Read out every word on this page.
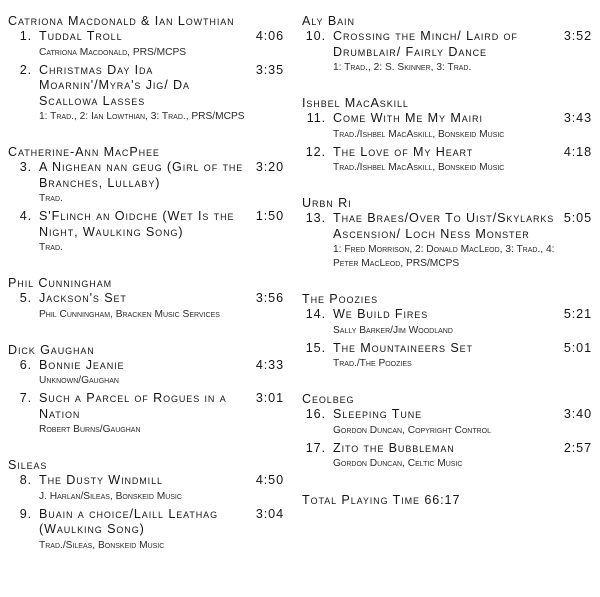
Catriona Macdonald & Ian Lowthian
1. Tuddal Troll
Catriona Macdonald, PRS/MCPS
4:06
2. Christmas Day Ida Moarnin'/Myra's Jig/ Da Scallowa Lasses
1: Trad., 2: Ian Lowthian, 3: Trad., PRS/MCPS
3:35
Catherine-Ann MacPhee
3. A Nighean nan geug (Girl of the Branches, Lullaby)
Trad.
3:20
4. S'Flinch an Oidche (Wet Is the Night, Waulking Song)
Trad.
1:50
Phil Cunningham
5. Jackson's Set
Phil Cunningham, Bracken Music Services
3:56
Dick Gaughan
6. Bonnie Jeanie
Unknown/Gaughan
4:33
7. Such a Parcel of Rogues in a Nation
Robert Burns/Gaughan
3:01
Sileas
8. The Dusty Windmill
J. Harlan/Sileas, Bonskeid Music
4:50
9. Buain a choice/Laill Leathag (Waulking Song)
Trad./Sileas, Bonskeid Music
3:04
Aly Bain
10. Crossing the Minch/ Laird of Drumblair/ Fairly Dance
1: Trad., 2: S. Skinner, 3: Trad.
3:52
Ishbel MacAskill
11. Come With Me My Mairi
Trad./Ishbel MacAskill, Bonskeid Music
3:43
12. The Love of My Heart
Trad./Ishbel MacAskill, Bonskeid Music
4:18
Urbn Ri
13. Thae Braes/Over To Uist/Skylarks Ascension/ Loch Ness Monster
1: Fred Morrison, 2: Donald MacLeod, 3: Trad., 4: Peter MacLeod, PRS/MCPS
5:05
The Poozies
14. We Build Fires
Sally Barker/Jim Woodland
5:21
15. The Mountaineers Set
Trad./The Poozies
5:01
Ceolbeg
16. Sleeping Tune
Gordon Duncan, Copyright Control
3:40
17. Zito the Bubbleman
Gordon Duncan, Celtic Music
2:57
Total Playing Time 66:17
